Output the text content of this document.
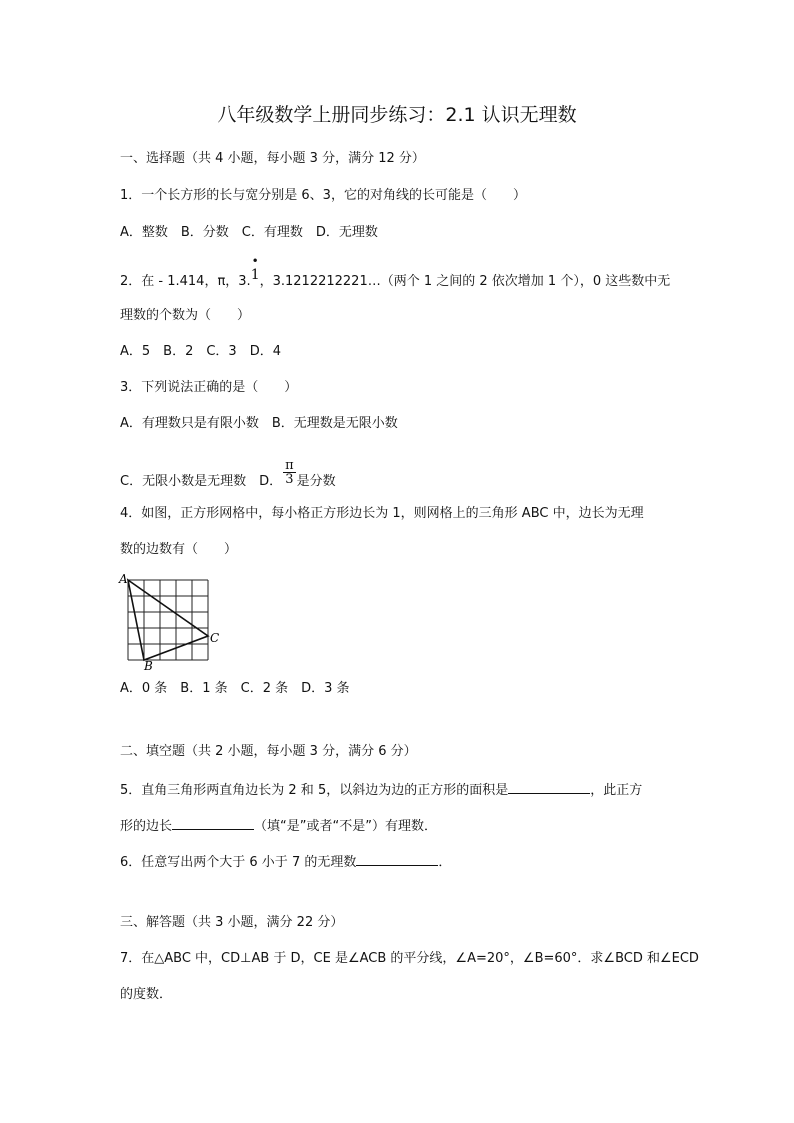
八年级数学上册同步练习：2.1 认识无理数
一、选择题（共 4 小题，每小题 3 分，满分 12 分）
1．一个长方形的长与宽分别是 6、3，它的对角线的长可能是（　　）
A．整数　B．分数　C．有理数　D．无理数
2．在 - 1.414，π，3.
•
1，3.1212212221…（两个 1 之间的 2 依次增加 1 个），0 这些数中无
理数的个数为（　　）
A．5　B．2　C．3　D．4
3．下列说法正确的是（　　）
A．有理数只是有限小数　B．无理数是无限小数
C．无限小数是无理数　D． $\frac{\pi}{3}$ 是分数
4．如图，正方形网格中，每小格正方形边长为 1，则网格上的三角形 ABC 中，边长为无理
数的边数有（　　）
A
B
C
A．0 条　B．1 条　C．2 条　D．3 条
二、填空题（共 2 小题，每小题 3 分，满分 6 分）
5．直角三角形两直角边长为 2 和 5，以斜边为边的正方形的面积是	，此正方
形的边长	（填“是”或者“不是”）有理数．
6．任意写出两个大于 6 小于 7 的无理数	．
三、解答题（共 3 小题，满分 22 分）
7．在△ABC 中，CD⊥AB 于 D，CE 是∠ACB 的平分线，∠A=20°，∠B=60°．求∠BCD 和∠ECD
的度数．
